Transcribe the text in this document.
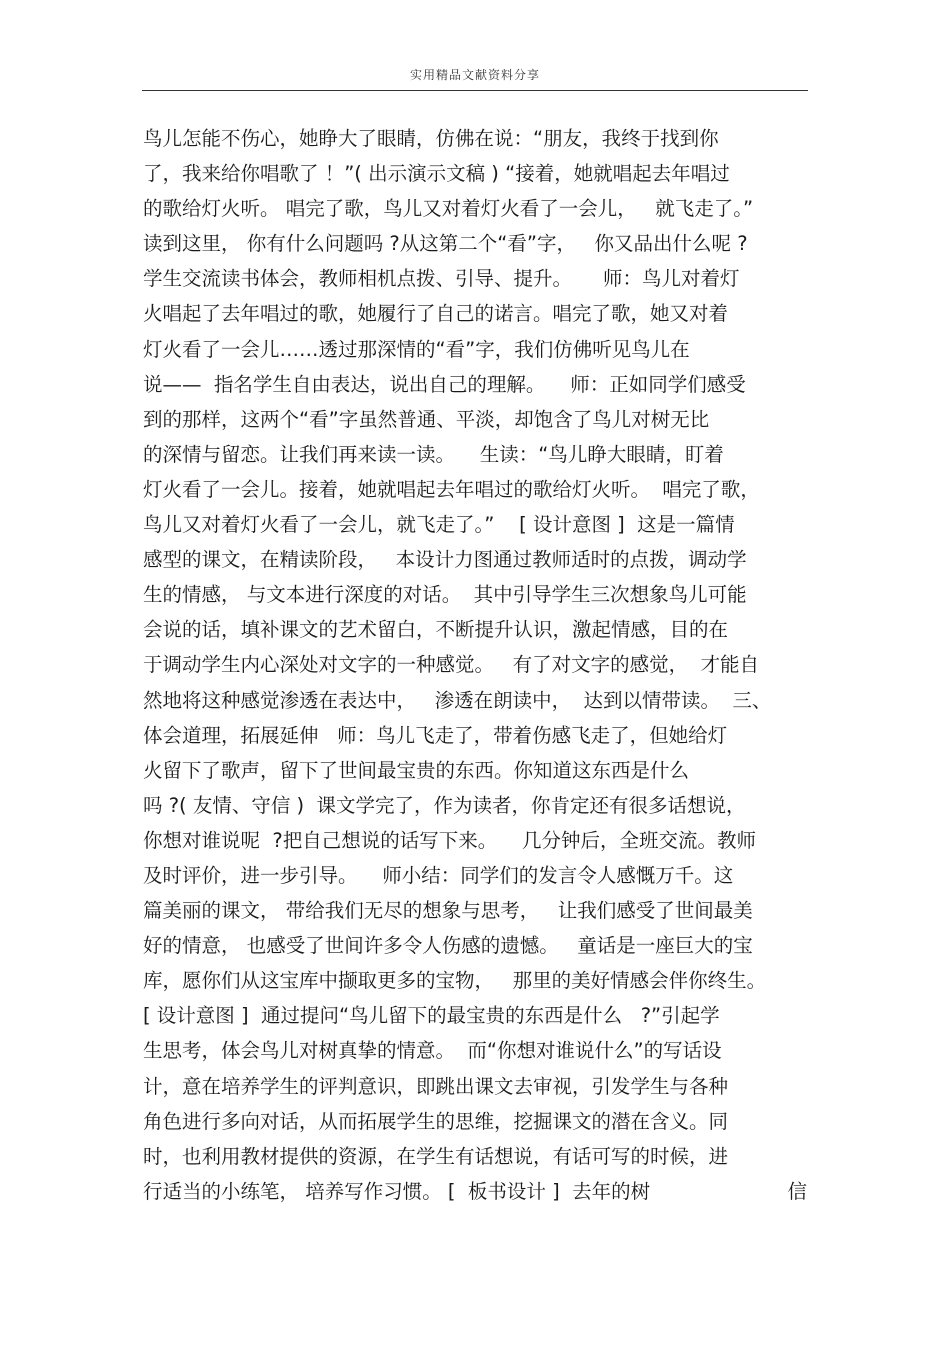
实用精品文献资料分享
鸟儿怎能不伤心，她睁大了眼睛，仿佛在说：“朋友，我终于找到你
了，我来给你唱歌了 ！”( 出示演示文稿 ) “接着，她就唱起去年唱过
的歌给灯火听。 唱完了歌，鸟儿又对着灯火看了一会儿，   就飞走了。”
读到这里， 你有什么问题吗 ?从这第二个“看”字，   你又品出什么呢 ?
学生交流读书体会，教师相机点拨、引导、提升。     师：鸟儿对着灯
火唱起了去年唱过的歌，她履行了自己的诺言。唱完了歌，她又对着
灯火看了一会儿……透过那深情的“看”字，我们仿佛听见鸟儿在
说——  指名学生自由表达，说出自己的理解。    师：正如同学们感受
到的那样，这两个“看”字虽然普通、平淡，却饱含了鸟儿对树无比
的深情与留恋。让我们再来读一读。    生读：“鸟儿睁大眼睛，盯着
灯火看了一会儿。接着，她就唱起去年唱过的歌给灯火听。  唱完了歌，
鸟儿又对着灯火看了一会儿，就飞走了。”    [ 设计意图 ]  这是一篇情
感型的课文，在精读阶段，   本设计力图通过教师适时的点拨，调动学
生的情感， 与文本进行深度的对话。  其中引导学生三次想象鸟儿可能
会说的话，填补课文的艺术留白，不断提升认识，激起情感，目的在
于调动学生内心深处对文字的一种感觉。   有了对文字的感觉，  才能自
然地将这种感觉渗透在表达中，   渗透在朗读中，  达到以情带读。  三、
体会道理，拓展延伸   师：鸟儿飞走了，带着伤感飞走了，但她给灯
火留下了歌声，留下了世间最宝贵的东西。你知道这东西是什么
吗 ?( 友情、守信 )  课文学完了，作为读者，你肯定还有很多话想说，
你想对谁说呢  ?把自己想说的话写下来。    几分钟后，全班交流。教师
及时评价，进一步引导。    师小结：同学们的发言令人感慨万千。这
篇美丽的课文， 带给我们无尽的想象与思考，   让我们感受了世间最美
好的情意， 也感受了世间许多令人伤感的遗憾。   童话是一座巨大的宝
库，愿你们从这宝库中撷取更多的宝物，   那里的美好情感会伴你终生。
[ 设计意图 ]  通过提问“鸟儿留下的最宝贵的东西是什么   ?”引起学
生思考，体会鸟儿对树真挚的情意。  而“你想对谁说什么”的写话设
计，意在培养学生的评判意识，即跳出课文去审视，引发学生与各种
角色进行多向对话，从而拓展学生的思维，挖掘课文的潜在含义。同
时，也利用教材提供的资源，在学生有话想说，有话可写的时候，进
行适当的小练笔， 培养写作习惯。 [  板书设计 ]  去年的树	信
